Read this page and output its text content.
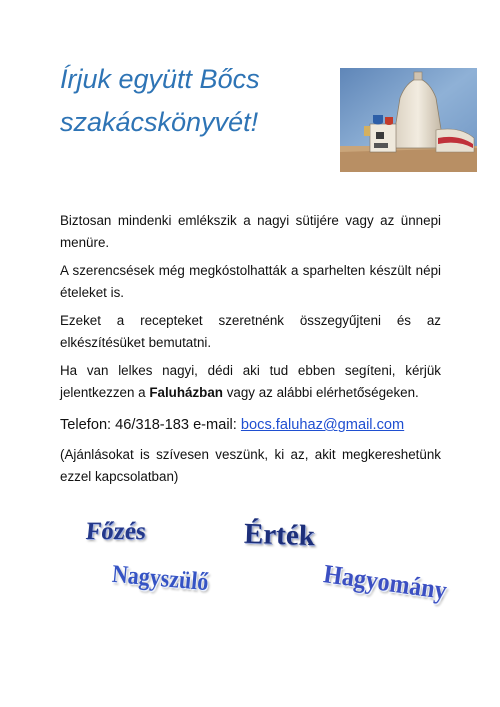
Írjuk együtt Bőcs
szakácskönyvét!

Biztosan mindenki emlékszik a nagyi sütijére vagy az ünnepi menüre.

A szerencsések még megkóstolhatták a sparhelten készült népi ételeket is.

Ezeket a recepteket szeretnénk összegyűjteni és az elkészítésüket bemutatni.

Ha van lelkes nagyi, dédi aki tud ebben segíteni, kérjük jelentkezzen a Faluházban vagy az alábbi elérhetőségeken.

Telefon: 46/318-183 e-mail: bocs.faluhaz@gmail.com

(Ajánlásokat is szívesen veszünk, ki az, akit megkereshetünk ezzel kapcsolatban)

Főzés	Érték
Nagyszülő	Hagyomány
